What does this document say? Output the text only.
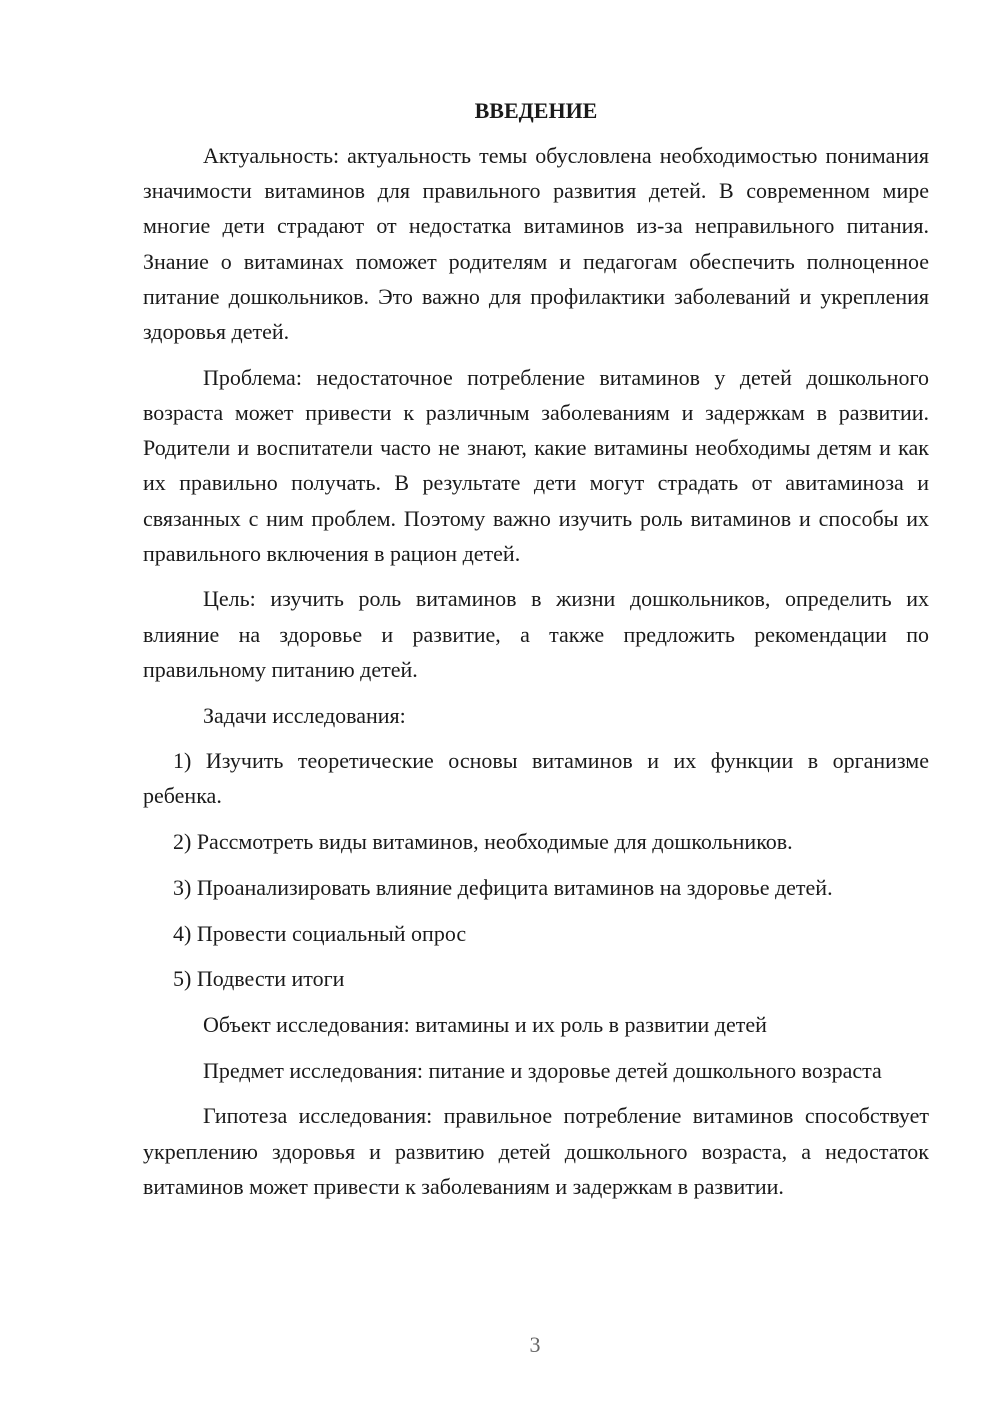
ВВЕДЕНИЕ

Актуальность: актуальность темы обусловлена необходимостью понимания значимости витаминов для правильного развития детей. В современном мире многие дети страдают от недостатка витаминов из-за неправильного питания. Знание о витаминах поможет родителям и педагогам обеспечить полноценное питание дошкольников. Это важно для профилактики заболеваний и укрепления здоровья детей.

Проблема: недостаточное потребление витаминов у детей дошкольного возраста может привести к различным заболеваниям и задержкам в развитии. Родители и воспитатели часто не знают, какие витамины необходимы детям и как их правильно получать. В результате дети могут страдать от авитаминоза и связанных с ним проблем. Поэтому важно изучить роль витаминов и способы их правильного включения в рацион детей.

Цель: изучить роль витаминов в жизни дошкольников, определить их влияние на здоровье и развитие, а также предложить рекомендации по правильному питанию детей.

Задачи исследования:

1) Изучить теоретические основы витаминов и их функции в организме ребенка.

2) Рассмотреть виды витаминов, необходимые для дошкольников.

3) Проанализировать влияние дефицита витаминов на здоровье детей.

4) Провести социальный опрос

5) Подвести итоги

Объект исследования: витамины и их роль в развитии детей

Предмет исследования: питание и здоровье детей дошкольного возраста

Гипотеза исследования: правильное потребление витаминов способствует укреплению здоровья и развитию детей дошкольного возраста, а недостаток витаминов может привести к заболеваниям и задержкам в развитии.

3
